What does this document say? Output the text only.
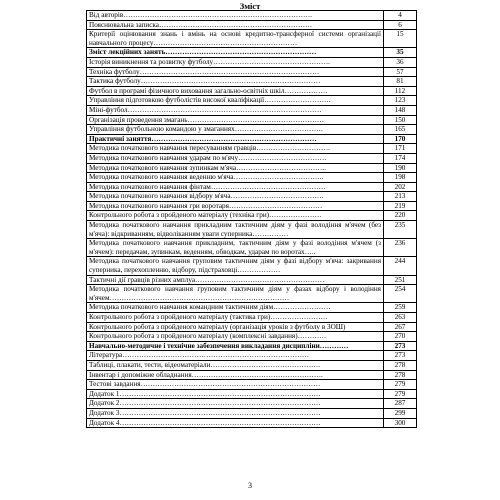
Зміст
Від авторів…………………………………………………………………….	4
Пояснювальна записка……………………………………………………….	6
Критерії оцінювання знань і вмінь на основі кредитно-трансферної системи організації навчального процесу……………………………………………………	15
Зміст лекційних занять………………………………………………………	35
Історія виникнення та розвитку футболу………………………………………….	36
Техніка футболу…………………………………………………………………	57
Тактика футболу…………………………………………………………………	81
Футбол в програмі фізичного виховання загально-освітніх шкіл………………	112
Управління підготовкою футболістів високої кваліфікації……………………….	123
Міні-футбол………………………………………………………………………	148
Організація проведення змагань…………………………………………………	150
Управління футбольною командою у змаганнях……………………………….	165
Практичні заняття……………………………………………………………	170
Методика початкового навчання пересуванням гравців………………………….	171
Методика початкового навчання ударам по м'ячу……………………………….	174
Методика початкового навчання зупинкам м'яча………………………………..	190
Методика початкового навчання веденню м'яча………………………………..	198
Методика початкового навчання фінтам…………………………………………	202
Методика початкового навчання відбору м'яча…………………………………	213
Методика початкового навчання гри воротаря…………………………………	219
Контрольного робота з пройденого матеріалу (техніка гри)………………….	220
Методика початкового навчання прикладним тактичним діям у фазі володіння м'ячем (без м'яча): відкриванням, відволіканням уваги суперника……………	235
Методика початкового навчання прикладним, тактичним діям у фазі володіння м'ячем (з м'ячем): передачам, зупинкам, веденням, обводкам, ударам по воротах…..	236
Методика початкового навчання груповим тактичним діям у фазі відбору м'яча: закривання суперника, перехопленню, відбору, підстраховці………………	244
Тактичні дії гравців різних амплуа………………………………………………	251
Методика початкового навчання груповим тактичним діям у фазах відбору і володіння м'ячем…………………………………………………………………	254
Методика початкового навчання командним тактичним діям……………………	259
Контрольного робота з пройденого матеріалу (тактика гри)……………………	263
Контрольного робота з пройденого матеріалу (організація уроків з футболу в ЗОШ)	267
Контрольного робота з пройденого матеріалу (комплексні завдання)…………	270
Навчально-методичне і технічне забезпечення викладання дисципліни…………	273
Література……………………………………………………………………	273
Таблиці, плакати, тести, відеоматеріали……………………………………….	278
Інвентар і допоміжне обладнання……………………………………………….	278
Тестові завдання…………………………………………………………………	279
Додаток 1…………………………………………………………………………	279
Додаток 2…………………………………………………………………………	287
Додаток 3…………………………………………………………………………	299
Додаток 4…………………………………………………………………………	300
3
